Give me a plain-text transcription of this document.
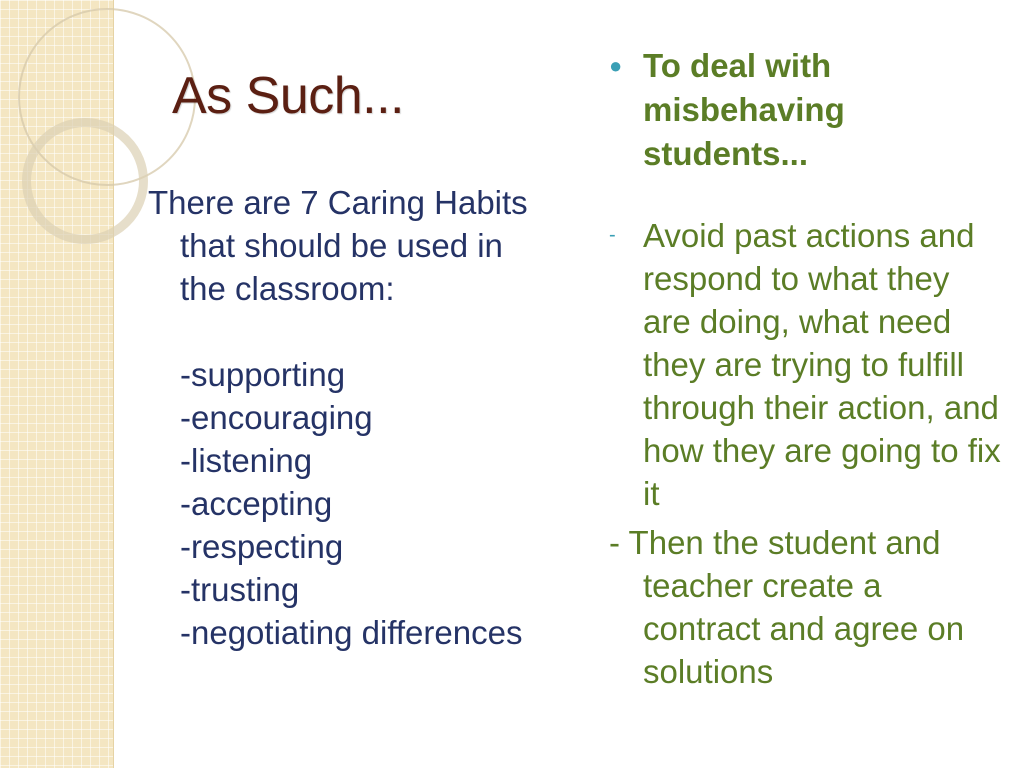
As Such...

There are 7 Caring Habits that should be used in the classroom:

-supporting
-encouraging
-listening
-accepting
-respecting
-trusting
-negotiating differences
● To deal with misbehaving students...
- Avoid past actions and respond to what they are doing, what need they are trying to fulfill through their action, and how they are going to fix it
- Then the student and teacher create a contract and agree on solutions
